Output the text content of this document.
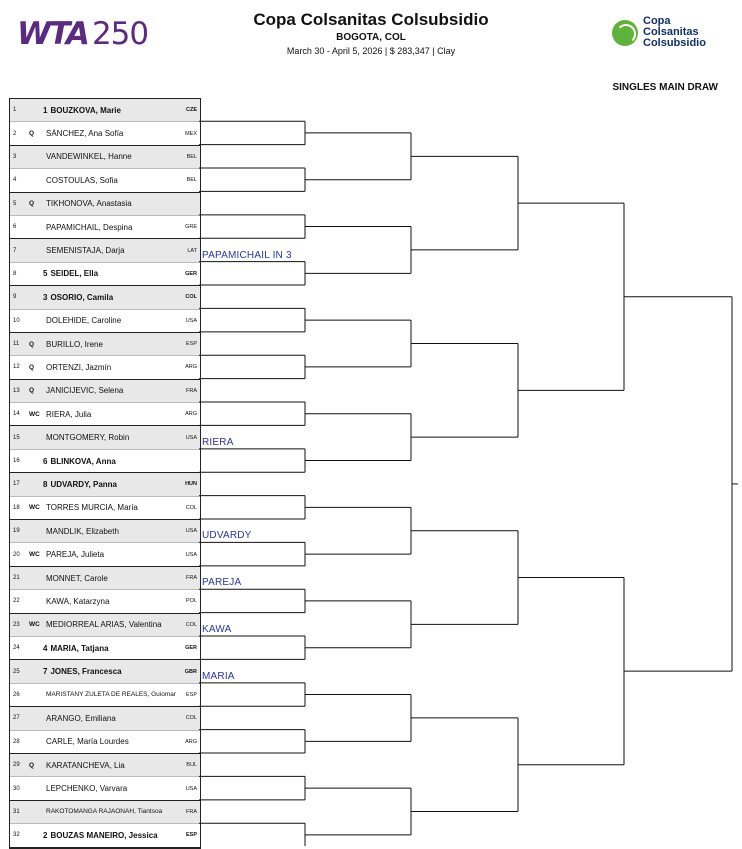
WTA 250	Copa Colsanitas Colsubsidio
BOGOTA, COL
March 30 - April 5, 2026 | $ 283,347 | Clay
Copa
Colsanitas
Colsubsidio
SINGLES MAIN DRAW
1	1 BOUZKOVA, Marie	CZE
2	Q	SÁNCHEZ, Ana Sofía	MEX
3	VANDEWINKEL, Hanne	BEL
4	COSTOULAS, Sofia	BEL
5	Q	TIKHONOVA, Anastasia
6	PAPAMICHAIL, Despina	GRE
7	SEMENISTAJA, Darja	LAT
8	5 SEIDEL, Ella	GER
9	3 OSORIO, Camila	COL
10	DOLEHIDE, Caroline	USA
11	Q	BURILLO, Irene	ESP
12	Q	ORTENZI, Jazmín	ARG
13	Q	JANICIJEVIC, Selena	FRA
14	WC RIERA, Julia	ARG
15	MONTGOMERY, Robin	USA
16	6 BLINKOVA, Anna
17	8 UDVARDY, Panna	HUN
18	WC TORRES MURCIA, María	COL
19	MANDLIK, Elizabeth	USA
20	WC PAREJA, Julieta	USA
21	MONNET, Carole	FRA
22	KAWA, Katarzyna	POL
23	WC MEDIORREAL ARIAS, Valentina	COL
24	4 MARIA, Tatjana	GER
25	7 JONES, Francesca	GBR
26	MARISTANY ZULETA DE REALES, Guiomar	ESP
27	ARANGO, Emiliana	COL
28	CARLE, María Lourdes	ARG
29	Q	KARATANCHEVA, Lia	BUL
30	LEPCHENKO, Varvara	USA
31	RAKOTOMANGA RAJAONAH, Tiantsoa	FRA
32	2 BOUZAS MANEIRO, Jessica	ESP
PAPAMICHAIL IN 3
RIERA
UDVARDY
PAREJA
KAWA
MARIA
